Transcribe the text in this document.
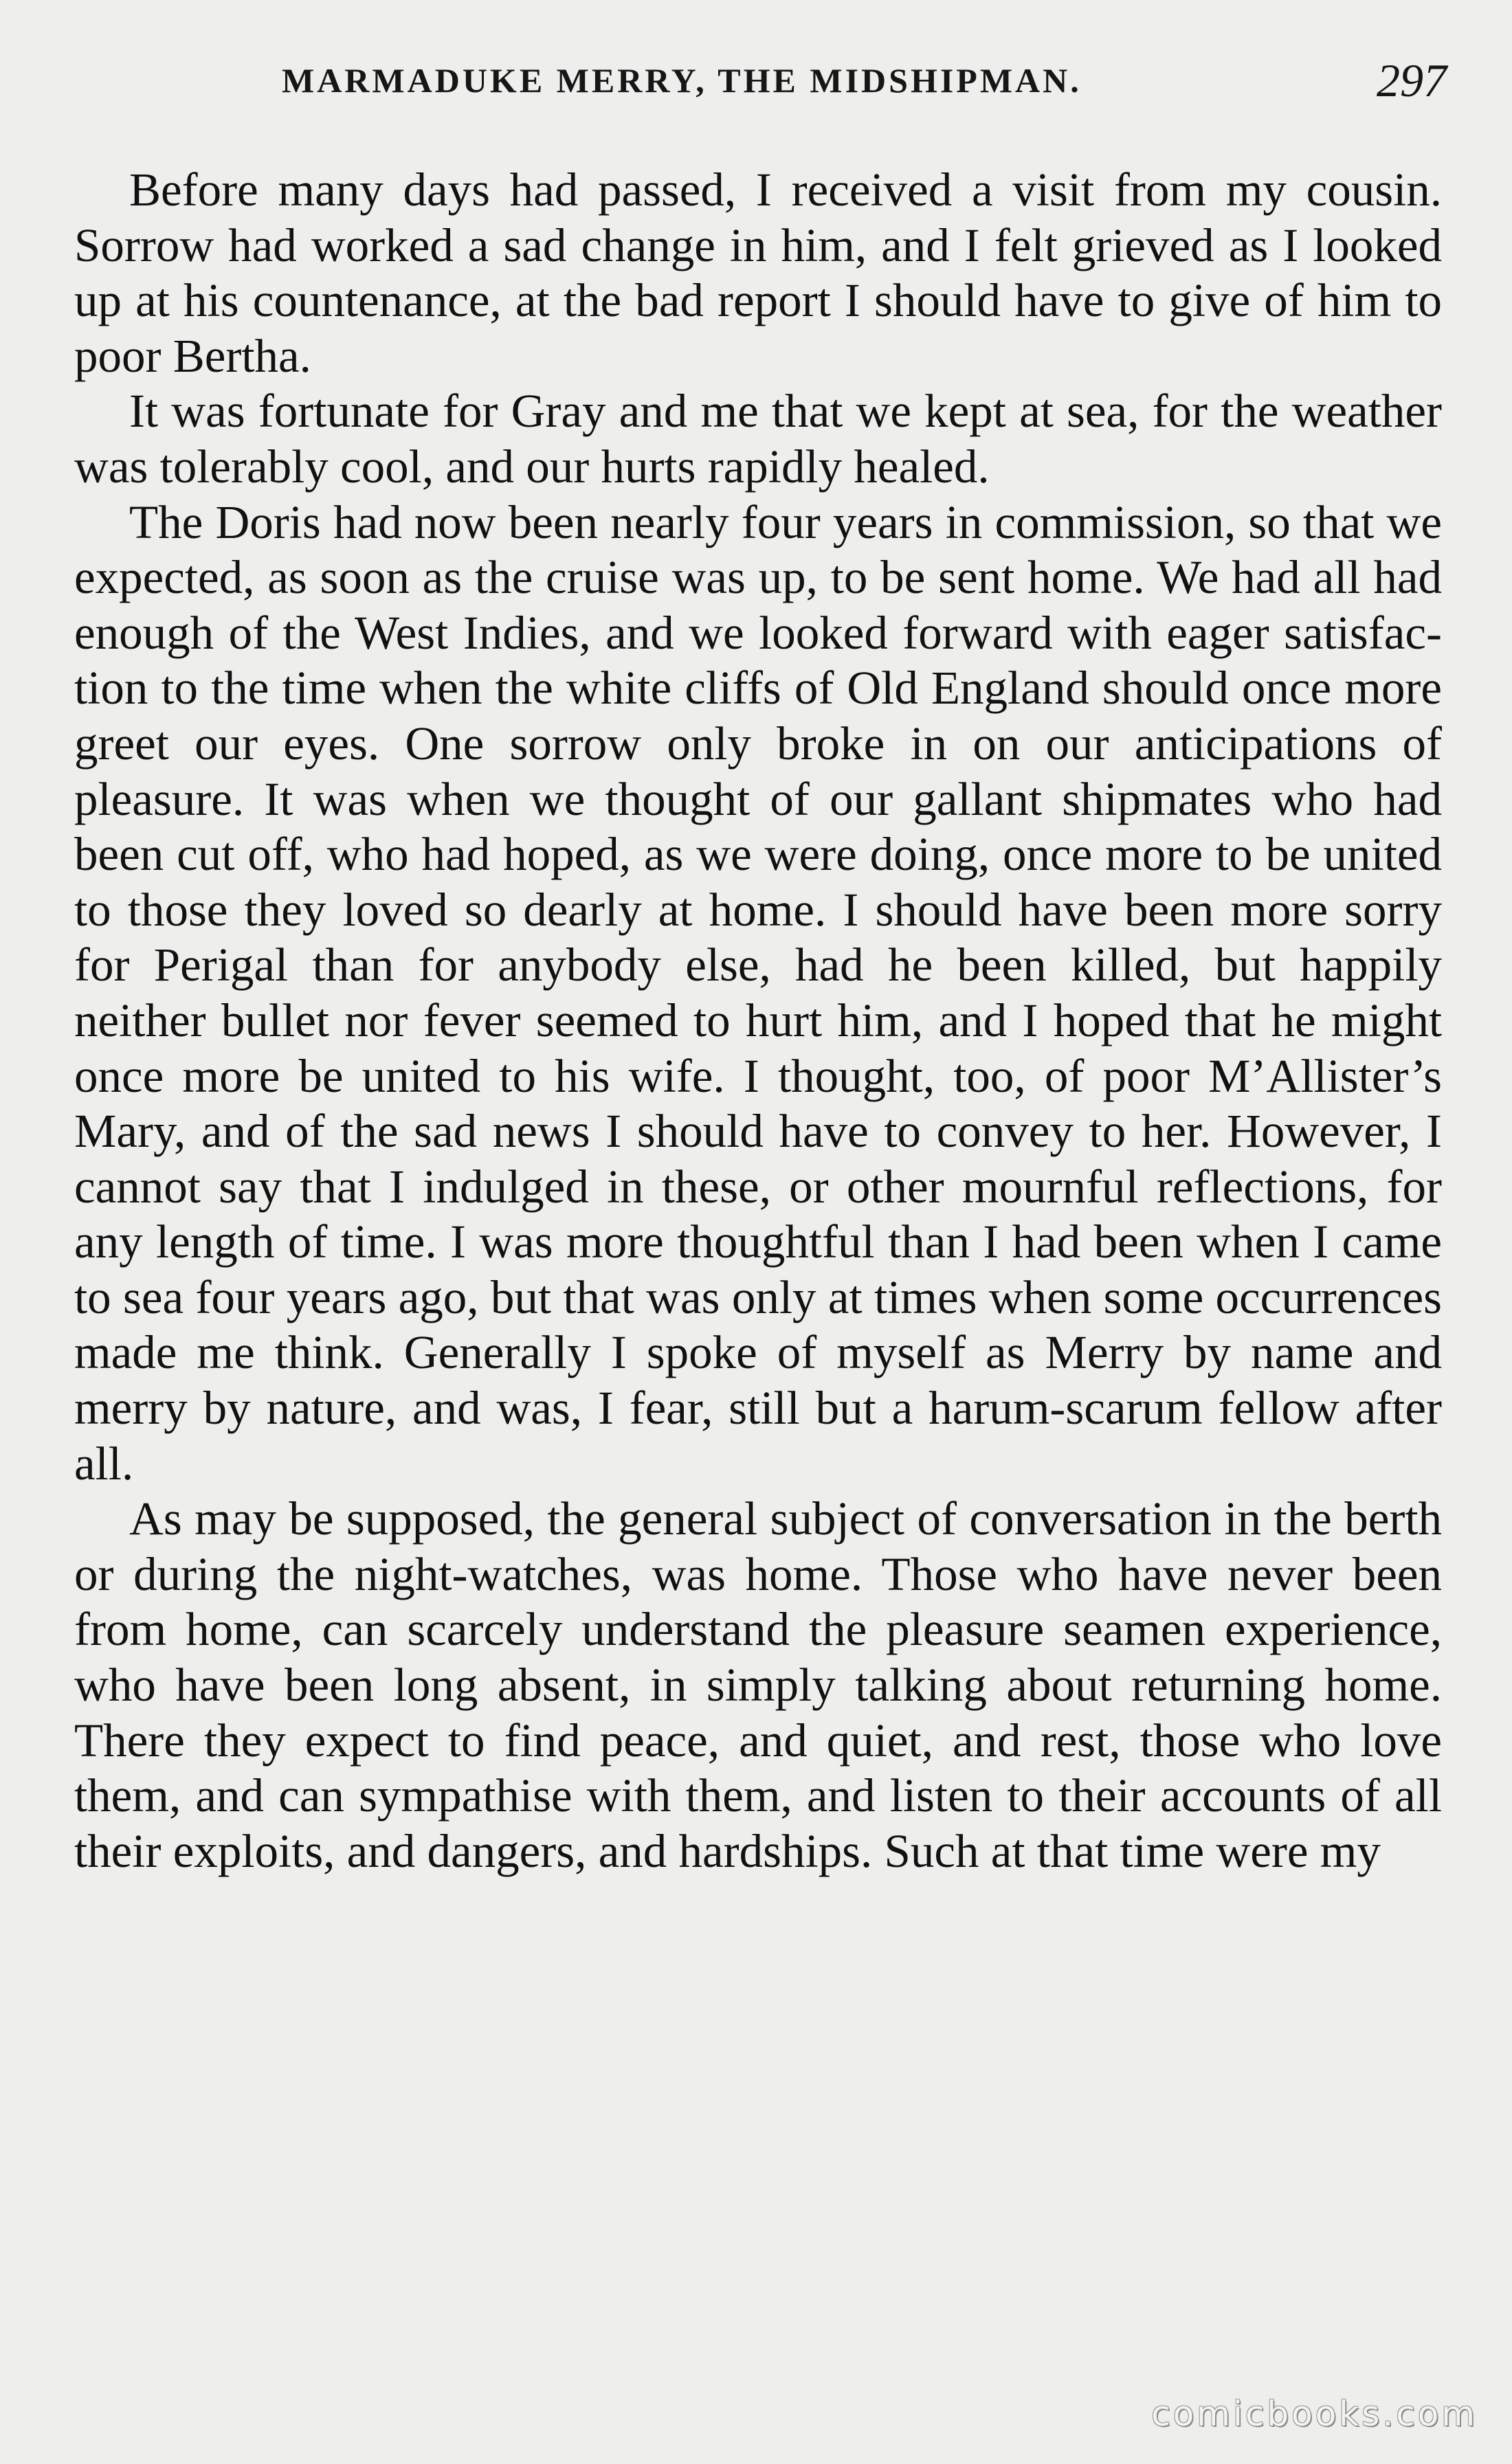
MARMADUKE MERRY, THE MIDSHIPMAN.	297

Before many days had passed, I received a visit from my cousin. Sorrow had worked a sad change in him, and I felt grieved as I looked up at his countenance, at the bad report I should have to give of him to poor Bertha.

It was fortunate for Gray and me that we kept at sea, for the weather was tolerably cool, and our hurts rapidly healed.

The Doris had now been nearly four years in commission, so that we expected, as soon as the cruise was up, to be sent home. We had all had enough of the West Indies, and we looked forward with eager satisfaction to the time when the white cliffs of Old England should once more greet our eyes. One sorrow only broke in on our anticipations of pleasure. It was when we thought of our gallant shipmates who had been cut off, who had hoped, as we were doing, once more to be united to those they loved so dearly at home. I should have been more sorry for Perigal than for anybody else, had he been killed, but happily neither bullet nor fever seemed to hurt him, and I hoped that he might once more be united to his wife. I thought, too, of poor M’Allister’s Mary, and of the sad news I should have to convey to her. However, I cannot say that I indulged in these, or other mournful reflections, for any length of time. I was more thoughtful than I had been when I came to sea four years ago, but that was only at times when some occurrences made me think. Generally I spoke of myself as Merry by name and merry by nature, and was, I fear, still but a harum-scarum fellow after all.

As may be supposed, the general subject of conversation in the berth or during the night-watches, was home. Those who have never been from home, can scarcely understand the pleasure seamen experience, who have been long absent, in simply talking about returning home. There they expect to find peace, and quiet, and rest, those who love them, and can sympathise with them, and listen to their accounts of all their exploits, and dangers, and hardships. Such at that time were my

comicbooks.com
